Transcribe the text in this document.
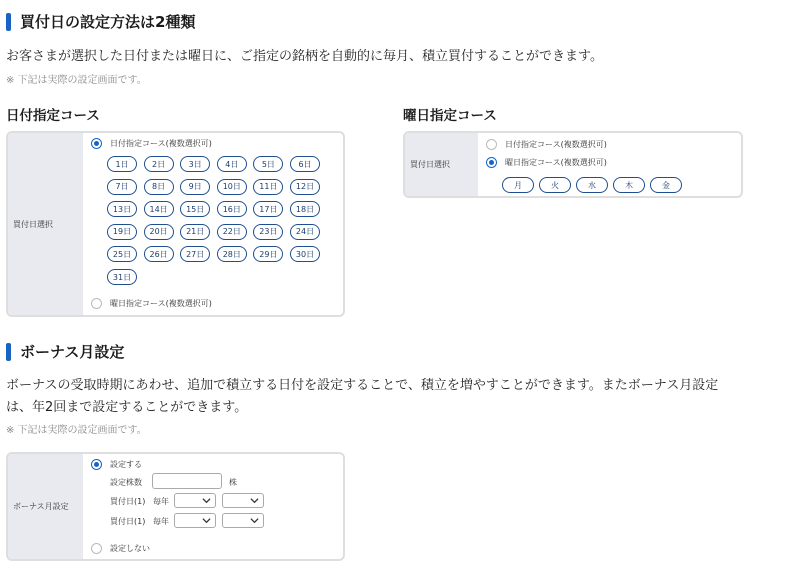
買付日の設定方法は2種類
お客さまが選択した日付または曜日に、ご指定の銘柄を自動的に毎月、積立買付することができます。
※ 下記は実際の設定画面です。
日付指定コース
買付日選択
日付指定コース(複数選択可)
曜日指定コース(複数選択可)
1日	2日	3日	4日	5日	6日
7日	8日	9日	10日	11日	12日
13日	14日	15日	16日	17日	18日
19日	20日	21日	22日	23日	24日
25日	26日	27日	28日	29日	30日
31日
曜日指定コース
買付日選択
日付指定コース(複数選択可)
曜日指定コース(複数選択可)
月	火	水	木	金
ボーナス月設定
ボーナスの受取時期にあわせ、追加で積立する日付を設定することで、積立を増やすことができます。またボーナス月設定
は、年2回まで設定することができます。
※ 下記は実際の設定画面です。
ボーナス月設定
設定する
設定株数	株
買付日(1) 毎年
買付日(1) 毎年
設定しない
